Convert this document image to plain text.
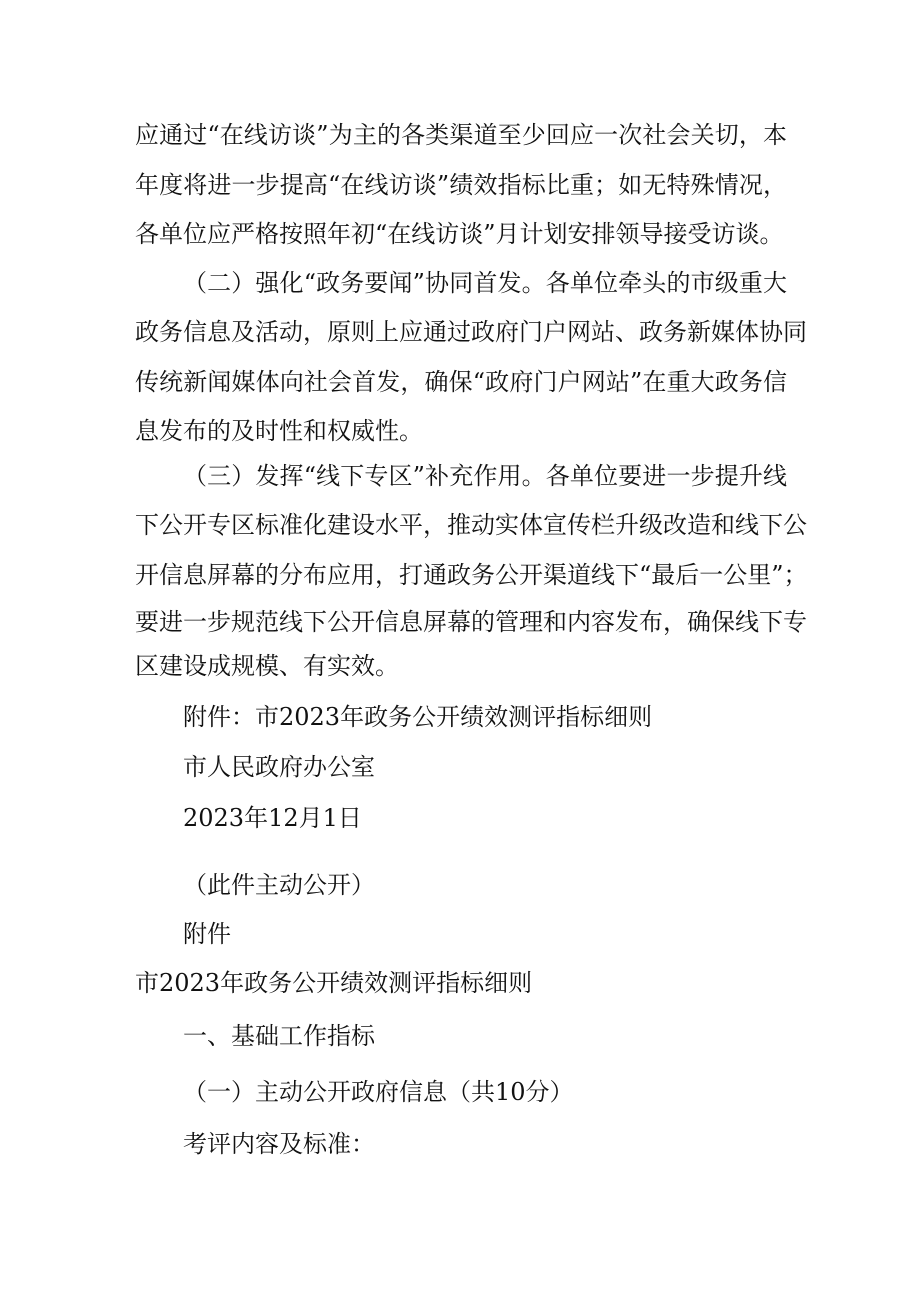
应通过“在线访谈”为主的各类渠道至少回应一次社会关切，本
年度将进一步提高“在线访谈”绩效指标比重；如无特殊情况，
各单位应严格按照年初“在线访谈”月计划安排领导接受访谈。
（二）强化“政务要闻”协同首发。各单位牵头的市级重大
政务信息及活动，原则上应通过政府门户网站、政务新媒体协同
传统新闻媒体向社会首发，确保“政府门户网站”在重大政务信
息发布的及时性和权威性。
（三）发挥“线下专区”补充作用。各单位要进一步提升线
下公开专区标准化建设水平，推动实体宣传栏升级改造和线下公
开信息屏幕的分布应用，打通政务公开渠道线下“最后一公里”；
要进一步规范线下公开信息屏幕的管理和内容发布，确保线下专
区建设成规模、有实效。
附件：市2023年政务公开绩效测评指标细则
市人民政府办公室
2023年12月1日
（此件主动公开）
附件
市2023年政务公开绩效测评指标细则
一、基础工作指标
（一）主动公开政府信息（共10分）
考评内容及标准：
